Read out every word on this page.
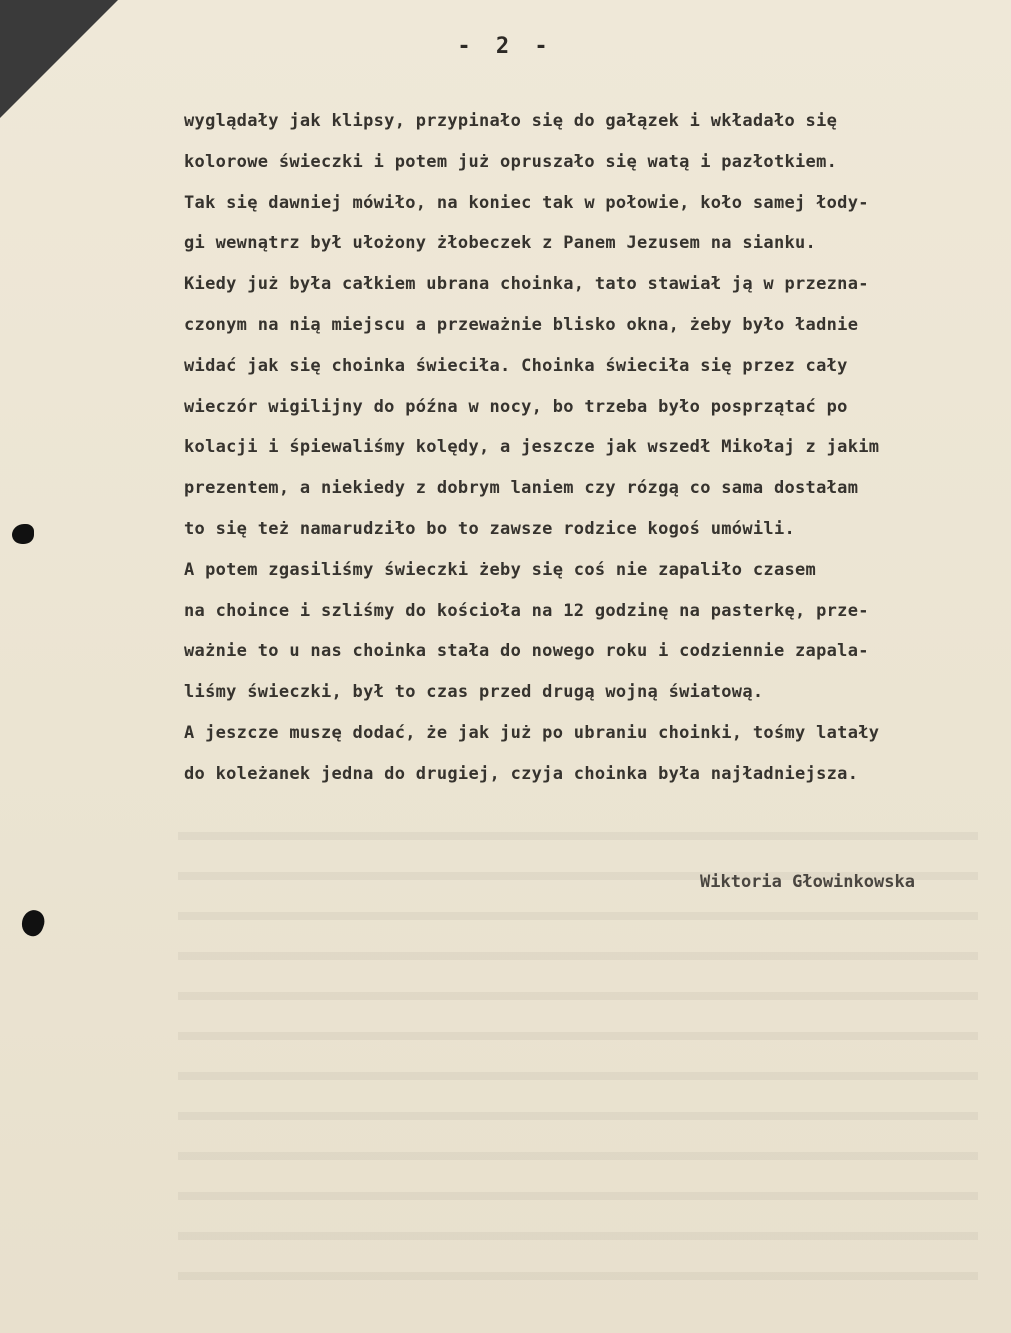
- 2 -
wyglądały jak klipsy, przypinało się do gałązek i wkładało się
kolorowe świeczki i potem już opruszało się watą i pazłotkiem.
Tak się dawniej mówiło, na koniec tak w połowie, koło samej łody-
gi wewnątrz był ułożony żłobeczek z Panem Jezusem na sianku.
Kiedy już była całkiem ubrana choinka, tato stawiał ją w przezna-
czonym na nią miejscu a przeważnie blisko okna, żeby było ładnie
widać jak się choinka świeciła. Choinka świeciła się przez cały
wieczór wigilijny do późna w nocy, bo trzeba było posprzątać po
kolacji i śpiewaliśmy kolędy, a jeszcze jak wszedł Mikołaj z jakim
prezentem, a niekiedy z dobrym laniem czy rózgą co sama dostałam
to się też namarudziło bo to zawsze rodzice kogoś umówili.
A potem zgasiliśmy świeczki żeby się coś nie zapaliło czasem
na choince i szliśmy do kościoła na 12 godzinę na pasterkę, prze-
ważnie to u nas choinka stała do nowego roku i codziennie zapala-
liśmy świeczki, był to czas przed drugą wojną światową.
A jeszcze muszę dodać, że jak już po ubraniu choinki, tośmy latały
do koleżanek jedna do drugiej, czyja choinka była najładniejsza.
Wiktoria Głowinkowska
